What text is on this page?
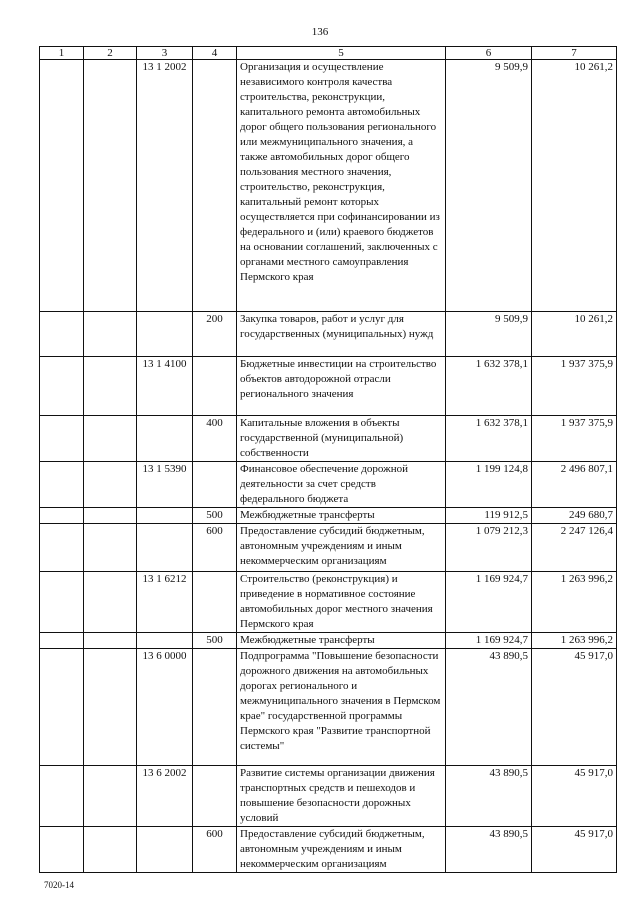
136
1	2	3	4	5	6	7
		13 1 2002		Организация и осуществление независимого контроля качества строительства, реконструкции, капитального ремонта автомобильных дорог общего пользования регионального или межмуниципального значения, а также автомобильных дорог общего пользования местного значения, строительство, реконструкция, капитальный ремонт которых осуществляется при софинансировании из федерального и (или) краевого бюджетов на основании соглашений, заключенных с органами местного самоуправления Пермского края	9 509,9	10 261,2
			200	Закупка товаров, работ и услуг для государственных (муниципальных) нужд	9 509,9	10 261,2
		13 1 4100		Бюджетные инвестиции на строительство объектов автодорожной отрасли регионального значения	1 632 378,1	1 937 375,9
			400	Капитальные вложения в объекты государственной (муниципальной) собственности	1 632 378,1	1 937 375,9
		13 1 5390		Финансовое обеспечение дорожной деятельности за счет средств федерального бюджета	1 199 124,8	2 496 807,1
			500	Межбюджетные трансферты	119 912,5	249 680,7
			600	Предоставление субсидий бюджетным, автономным учреждениям и иным некоммерческим организациям	1 079 212,3	2 247 126,4
		13 1 6212		Строительство (реконструкция) и приведение в нормативное состояние автомобильных дорог местного значения Пермского края	1 169 924,7	1 263 996,2
			500	Межбюджетные трансферты	1 169 924,7	1 263 996,2
		13 6 0000		Подпрограмма "Повышение безопасности дорожного движения на автомобильных дорогах регионального и межмуниципального значения в Пермском крае" государственной программы Пермского края "Развитие транспортной системы"	43 890,5	45 917,0
		13 6 2002		Развитие системы организации движения транспортных средств и пешеходов и повышение безопасности дорожных условий	43 890,5	45 917,0
			600	Предоставление субсидий бюджетным, автономным учреждениям и иным некоммерческим организациям	43 890,5	45 917,0
7020-14
